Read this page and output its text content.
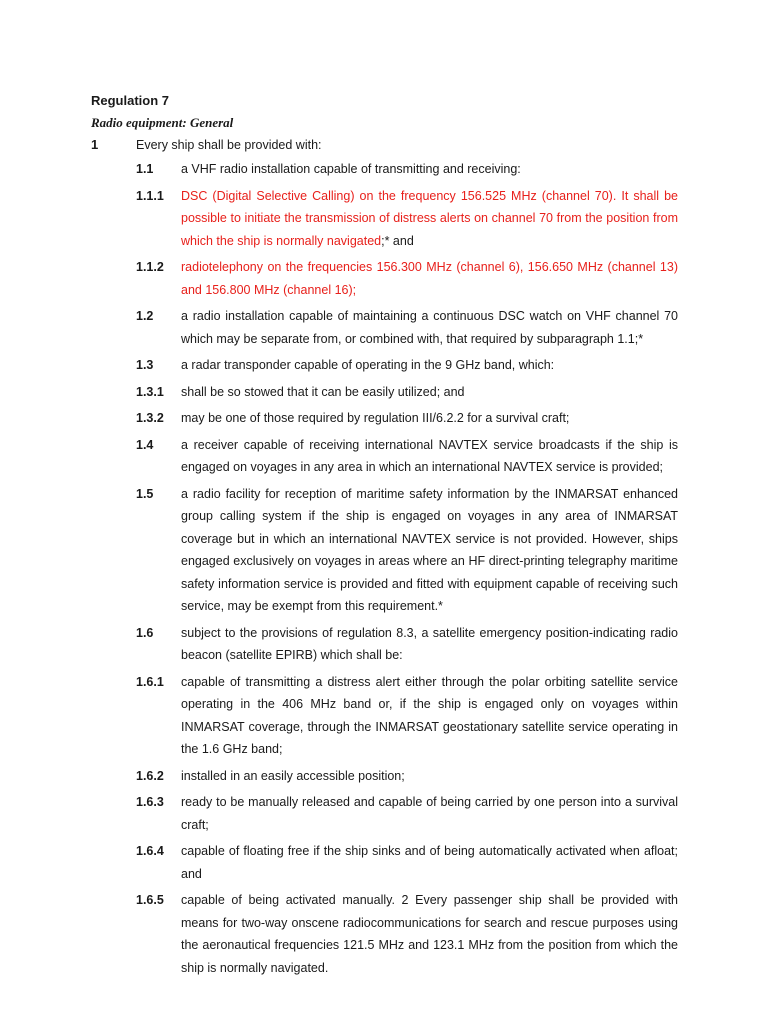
Regulation 7
Radio equipment: General
1	Every ship shall be provided with:
1.1 a VHF radio installation capable of transmitting and receiving:
1.1.1 DSC (Digital Selective Calling) on the frequency 156.525 MHz (channel 70). It shall be possible to initiate the transmission of distress alerts on channel 70 from the position from which the ship is normally navigated;* and
1.1.2 radiotelephony on the frequencies 156.300 MHz (channel 6), 156.650 MHz (channel 13) and 156.800 MHz (channel 16);
1.2 a radio installation capable of maintaining a continuous DSC watch on VHF channel 70 which may be separate from, or combined with, that required by subparagraph 1.1;*
1.3 a radar transponder capable of operating in the 9 GHz band, which:
1.3.1 shall be so stowed that it can be easily utilized; and
1.3.2 may be one of those required by regulation III/6.2.2 for a survival craft;
1.4 a receiver capable of receiving international NAVTEX service broadcasts if the ship is engaged on voyages in any area in which an international NAVTEX service is provided;
1.5 a radio facility for reception of maritime safety information by the INMARSAT enhanced group calling system if the ship is engaged on voyages in any area of INMARSAT coverage but in which an international NAVTEX service is not provided. However, ships engaged exclusively on voyages in areas where an HF direct-printing telegraphy maritime safety information service is provided and fitted with equipment capable of receiving such service, may be exempt from this requirement.*
1.6 subject to the provisions of regulation 8.3, a satellite emergency position-indicating radio beacon (satellite EPIRB) which shall be:
1.6.1 capable of transmitting a distress alert either through the polar orbiting satellite service operating in the 406 MHz band or, if the ship is engaged only on voyages within INMARSAT coverage, through the INMARSAT geostationary satellite service operating in the 1.6 GHz band;
1.6.2 installed in an easily accessible position;
1.6.3 ready to be manually released and capable of being carried by one person into a survival craft;
1.6.4 capable of floating free if the ship sinks and of being automatically activated when afloat; and
1.6.5 capable of being activated manually. 2 Every passenger ship shall be provided with means for two-way onscene radiocommunications for search and rescue purposes using the aeronautical frequencies 121.5 MHz and 123.1 MHz from the position from which the ship is normally navigated.
